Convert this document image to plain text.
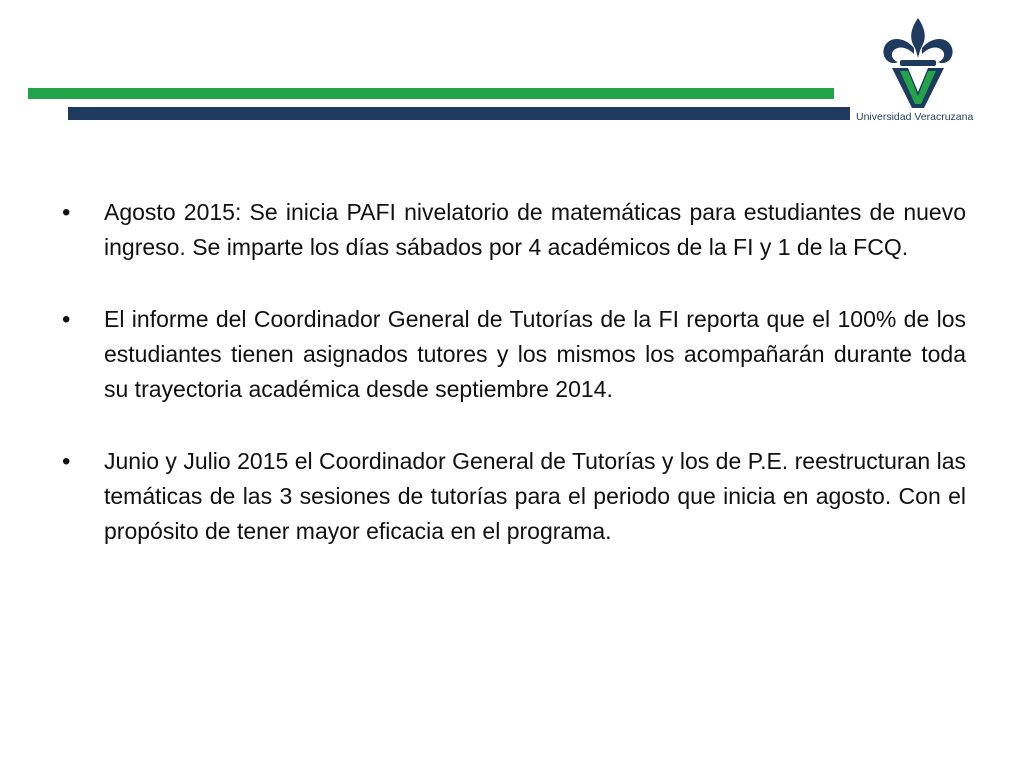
Universidad Veracruzana
•	Agosto 2015: Se inicia PAFI nivelatorio de matemáticas para estudiantes de nuevo ingreso. Se imparte los días sábados por 4 académicos de la FI y 1 de la FCQ.
•	El informe del Coordinador General de Tutorías de la FI reporta que el 100% de los estudiantes tienen asignados tutores y los mismos los acompañarán durante toda su trayectoria académica desde septiembre 2014.
•	Junio y Julio 2015 el Coordinador General de Tutorías y los de P.E. reestructuran las temáticas de las 3 sesiones de tutorías para el periodo que inicia en agosto. Con el propósito de tener mayor eficacia en el programa.
